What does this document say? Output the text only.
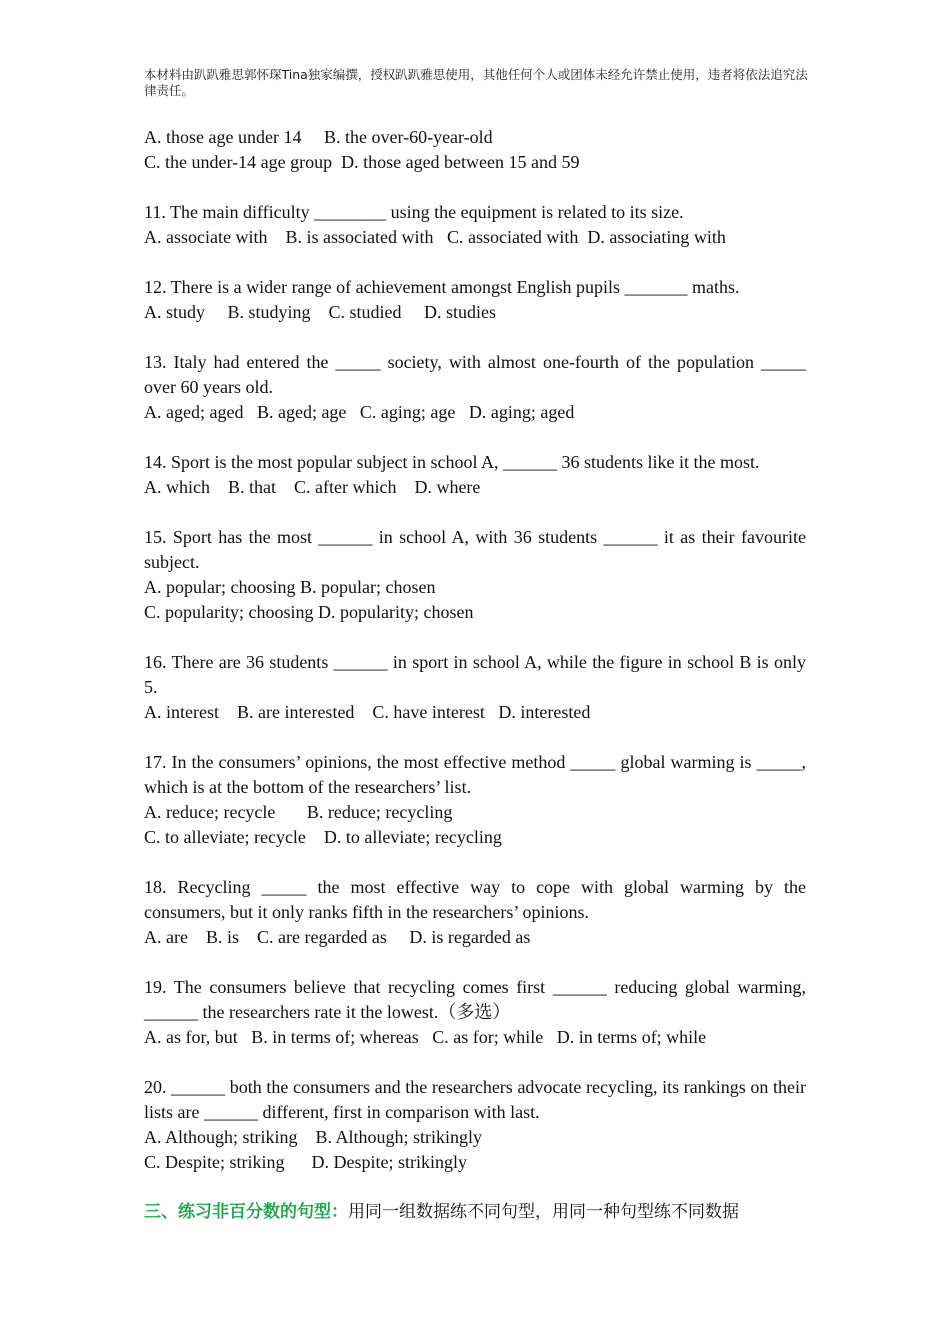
本材料由趴趴雅思郭怀琛Tina独家编撰，授权趴趴雅思使用，其他任何个人或团体未经允许禁止使用，违者将依法追究法律责任。
A. those age under 14     B. the over-60-year-old
C. the under-14 age group  D. those aged between 15 and 59
11. The main difficulty ________ using the equipment is related to its size.
A. associate with    B. is associated with   C. associated with  D. associating with
12. There is a wider range of achievement amongst English pupils _______ maths.
A. study     B. studying    C. studied     D. studies
13. Italy had entered the _____ society, with almost one-fourth of the population _____ over 60 years old.
A. aged; aged   B. aged; age   C. aging; age   D. aging; aged
14. Sport is the most popular subject in school A, ______ 36 students like it the most.
A. which    B. that    C. after which    D. where
15. Sport has the most ______ in school A, with 36 students ______ it as their favourite subject.
A. popular; choosing B. popular; chosen
C. popularity; choosing D. popularity; chosen
16. There are 36 students ______ in sport in school A, while the figure in school B is only 5.
A. interest    B. are interested    C. have interest   D. interested
17. In the consumers’ opinions, the most effective method _____ global warming is _____, which is at the bottom of the researchers’ list.
A. reduce; recycle       B. reduce; recycling
C. to alleviate; recycle    D. to alleviate; recycling
18. Recycling _____ the most effective way to cope with global warming by the consumers, but it only ranks fifth in the researchers’ opinions.
A. are    B. is    C. are regarded as     D. is regarded as
19. The consumers believe that recycling comes first ______ reducing global warming, ______ the researchers rate it the lowest.（多选）
A. as for, but   B. in terms of; whereas   C. as for; while   D. in terms of; while
20. ______ both the consumers and the researchers advocate recycling, its rankings on their lists are ______ different, first in comparison with last.
A. Although; striking    B. Although; strikingly
C. Despite; striking      D. Despite; strikingly
三、练习非百分数的句型：用同一组数据练不同句型，用同一种句型练不同数据
